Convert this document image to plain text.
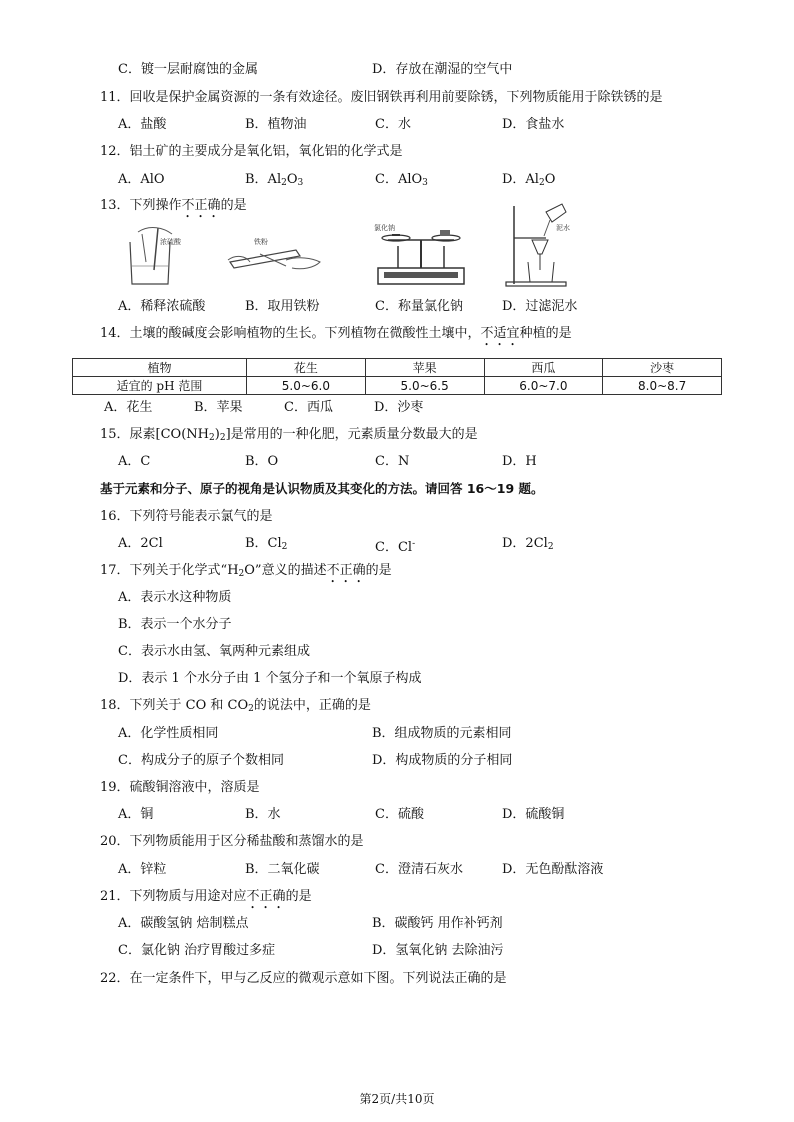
C．镀一层耐腐蚀的金属	D．存放在潮湿的空气中
11．回收是保护金属资源的一条有效途径。废旧钢铁再利用前要除锈，下列物质能用于除铁锈的是
A．盐酸	B．植物油	C．水	D．食盐水
12．铝土矿的主要成分是氧化铝，氧化铝的化学式是
A．AlO	B．$Al_2O_3$	C．AlO$_3$	D．$Al_2O$
13．下列操作不正确的是
浓硫酸	铁粉
氯化钠	泥水
A．稀释浓硫酸	B．取用铁粉	C．称量氯化钠	D．过滤泥水
14．土壤的酸碱度会影响植物的生长。下列植物在微酸性土壤中，不适宜种植的是
植物	花生	苹果	西瓜	沙枣
适宜的 pH 范围	5.0~6.0	5.0~6.5	6.0~7.0	8.0~8.7
A．花生	B．苹果	C．西瓜	D．沙枣
15．尿素$[CO(NH_2)_2]$是常用的一种化肥，元素质量分数最大的是
A．C	B．O	C．N	D．H
基于元素和分子、原子的视角是认识物质及其变化的方法。请回答 16～19 题。
16．下列符号能表示氯气的是
A．2Cl	B．$Cl_2$	C．Cl-	D．$2Cl_2$
17．下列关于化学式“$H_2O$”意义的描述不正确的是
A．表示水这种物质
B．表示一个水分子
C．表示水由氢、氧两种元素组成
D．表示 1 个水分子由 1 个氢分子和一个氧原子构成
18．下列关于 CO 和 $CO_2$的说法中，正确的是
A．化学性质相同	B．组成物质的元素相同
C．构成分子的原子个数相同	D．构成物质的分子相同
19．硫酸铜溶液中，溶质是
A．铜	B．水	C．硫酸	D．硫酸铜
20．下列物质能用于区分稀盐酸和蒸馏水的是
A．锌粒	B．二氧化碳	C．澄清石灰水	D．无色酚酞溶液
21．下列物质与用途对应不正确的是
A．碳酸氢钠 焙制糕点	B．碳酸钙 用作补钙剂
C．氯化钠 治疗胃酸过多症	D．氢氧化钠 去除油污
22．在一定条件下，甲与乙反应的微观示意如下图。下列说法正确的是
第2页/共10页
